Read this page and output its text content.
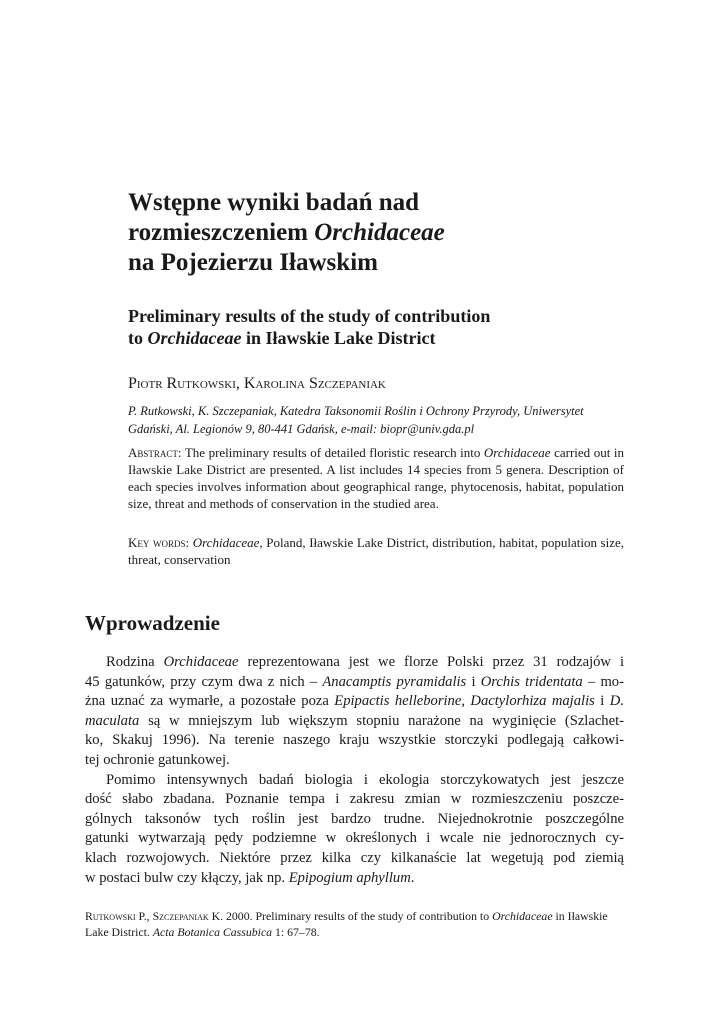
Wstępne wyniki badań nad
rozmieszczeniem Orchidaceae
na Pojezierzu Iławskim
Preliminary results of the study of contribution
to Orchidaceae in Iławskie Lake District

Piotr Rutkowski, Karolina Szczepaniak

P. Rutkowski, K. Szczepaniak, Katedra Taksonomii Roślin i Ochrony Przyrody, Uniwersytet Gdański, Al. Legionów 9, 80-441 Gdańsk, e-mail: biopr@univ.gda.pl

Abstract: The preliminary results of detailed floristic research into Orchidaceae carried out in Iławskie Lake District are presented. A list includes 14 species from 5 genera. Description of each species involves information about geographical range, phytocenosis, habitat, population size, threat and methods of conservation in the studied area.

Key words: Orchidaceae, Poland, Iławskie Lake District, distribution, habitat, population size, threat, conservation

Wprowadzenie
Rodzina Orchidaceae reprezentowana jest we florze Polski przez 31 rodzajów i
45 gatunków, przy czym dwa z nich – Anacamptis pyramidalis i Orchis tridentata – mo-
żna uznać za wymarłe, a pozostałe poza Epipactis helleborine, Dactylorhiza majalis i D.
maculata są w mniejszym lub większym stopniu narażone na wyginięcie (Szlachet-
ko, Skakuj 1996). Na terenie naszego kraju wszystkie storczyki podlegają całkowi-
tej ochronie gatunkowej.
Pomimo intensywnych badań biologia i ekologia storczykowatych jest jeszcze
dość słabo zbadana. Poznanie tempa i zakresu zmian w rozmieszczeniu poszcze-
gólnych taksonów tych roślin jest bardzo trudne. Niejednokrotnie poszczególne
gatunki wytwarzają pędy podziemne w określonych i wcale nie jednorocznych cy-
klach rozwojowych. Niektóre przez kilka czy kilkanaście lat wegetują pod ziemią
w postaci bulw czy kłączy, jak np. Epipogium aphyllum.

Rutkowski P., Szczepaniak K. 2000. Preliminary results of the study of contribution to Orchidaceae in Iławskie Lake District. Acta Botanica Cassubica 1: 67–78.
